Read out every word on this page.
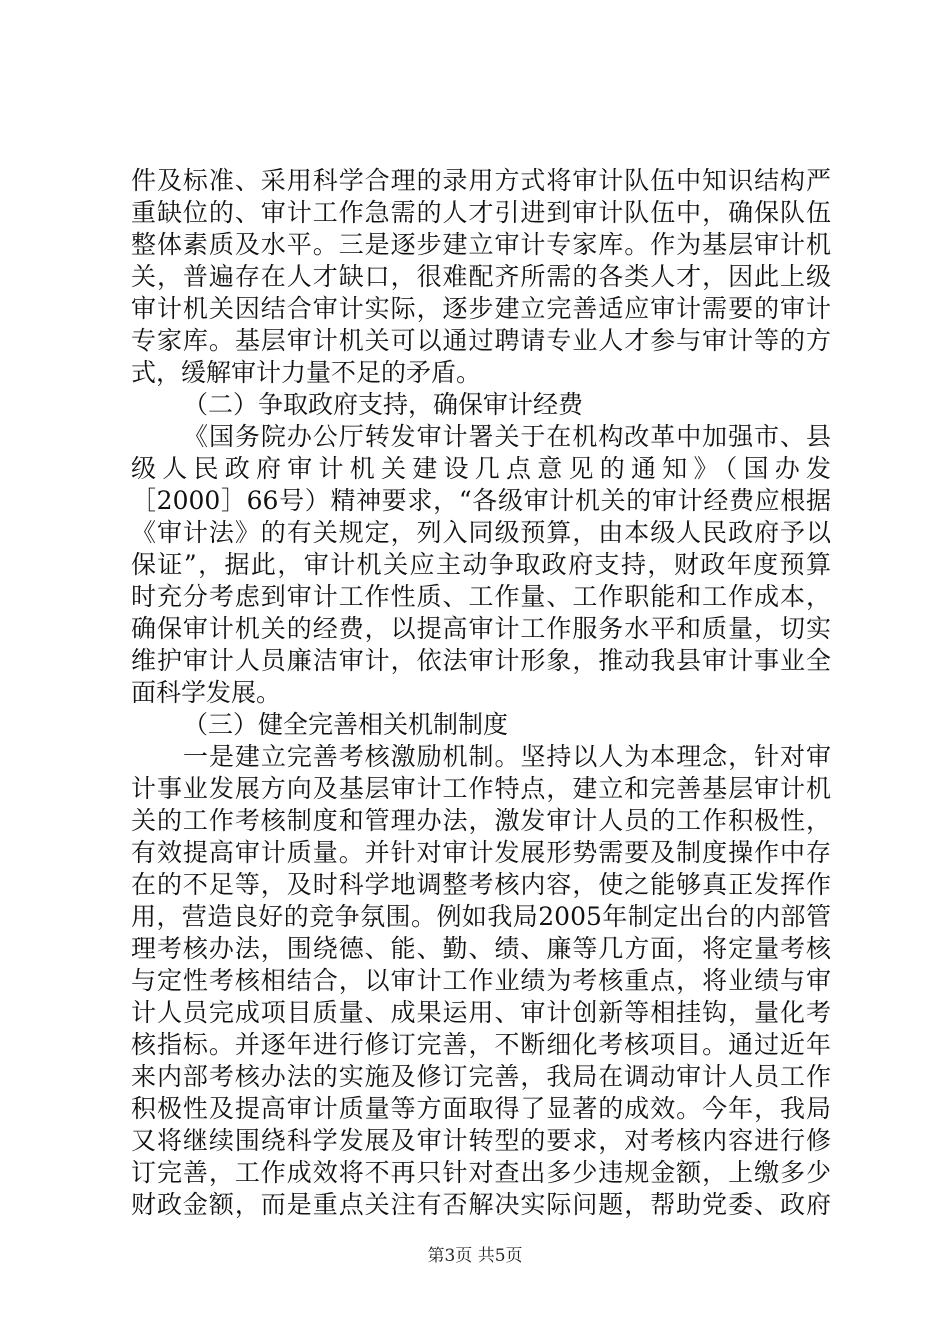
件及标准、采用科学合理的录用方式将审计队伍中知识结构严
重缺位的、审计工作急需的人才引进到审计队伍中，确保队伍
整体素质及水平。三是逐步建立审计专家库。作为基层审计机
关，普遍存在人才缺口，很难配齐所需的各类人才，因此上级
审计机关因结合审计实际，逐步建立完善适应审计需要的审计
专家库。基层审计机关可以通过聘请专业人才参与审计等的方
式，缓解审计力量不足的矛盾。
（二）争取政府支持，确保审计经费
《国务院办公厅转发审计署关于在机构改革中加强市、县
级人民政府审计机关建设几点意见的通知》（国办发
［2000］66号）精神要求，“各级审计机关的审计经费应根据
《审计法》的有关规定，列入同级预算，由本级人民政府予以
保证”，据此，审计机关应主动争取政府支持，财政年度预算
时充分考虑到审计工作性质、工作量、工作职能和工作成本，
确保审计机关的经费，以提高审计工作服务水平和质量，切实
维护审计人员廉洁审计，依法审计形象，推动我县审计事业全
面科学发展。
（三）健全完善相关机制制度
一是建立完善考核激励机制。坚持以人为本理念，针对审
计事业发展方向及基层审计工作特点，建立和完善基层审计机
关的工作考核制度和管理办法，激发审计人员的工作积极性，
有效提高审计质量。并针对审计发展形势需要及制度操作中存
在的不足等，及时科学地调整考核内容，使之能够真正发挥作
用，营造良好的竞争氛围。例如我局2005年制定出台的内部管
理考核办法，围绕德、能、勤、绩、廉等几方面，将定量考核
与定性考核相结合，以审计工作业绩为考核重点，将业绩与审
计人员完成项目质量、成果运用、审计创新等相挂钩，量化考
核指标。并逐年进行修订完善，不断细化考核项目。通过近年
来内部考核办法的实施及修订完善，我局在调动审计人员工作
积极性及提高审计质量等方面取得了显著的成效。今年，我局
又将继续围绕科学发展及审计转型的要求，对考核内容进行修
订完善，工作成效将不再只针对查出多少违规金额，上缴多少
财政金额，而是重点关注有否解决实际问题，帮助党委、政府
第3页 共5页
